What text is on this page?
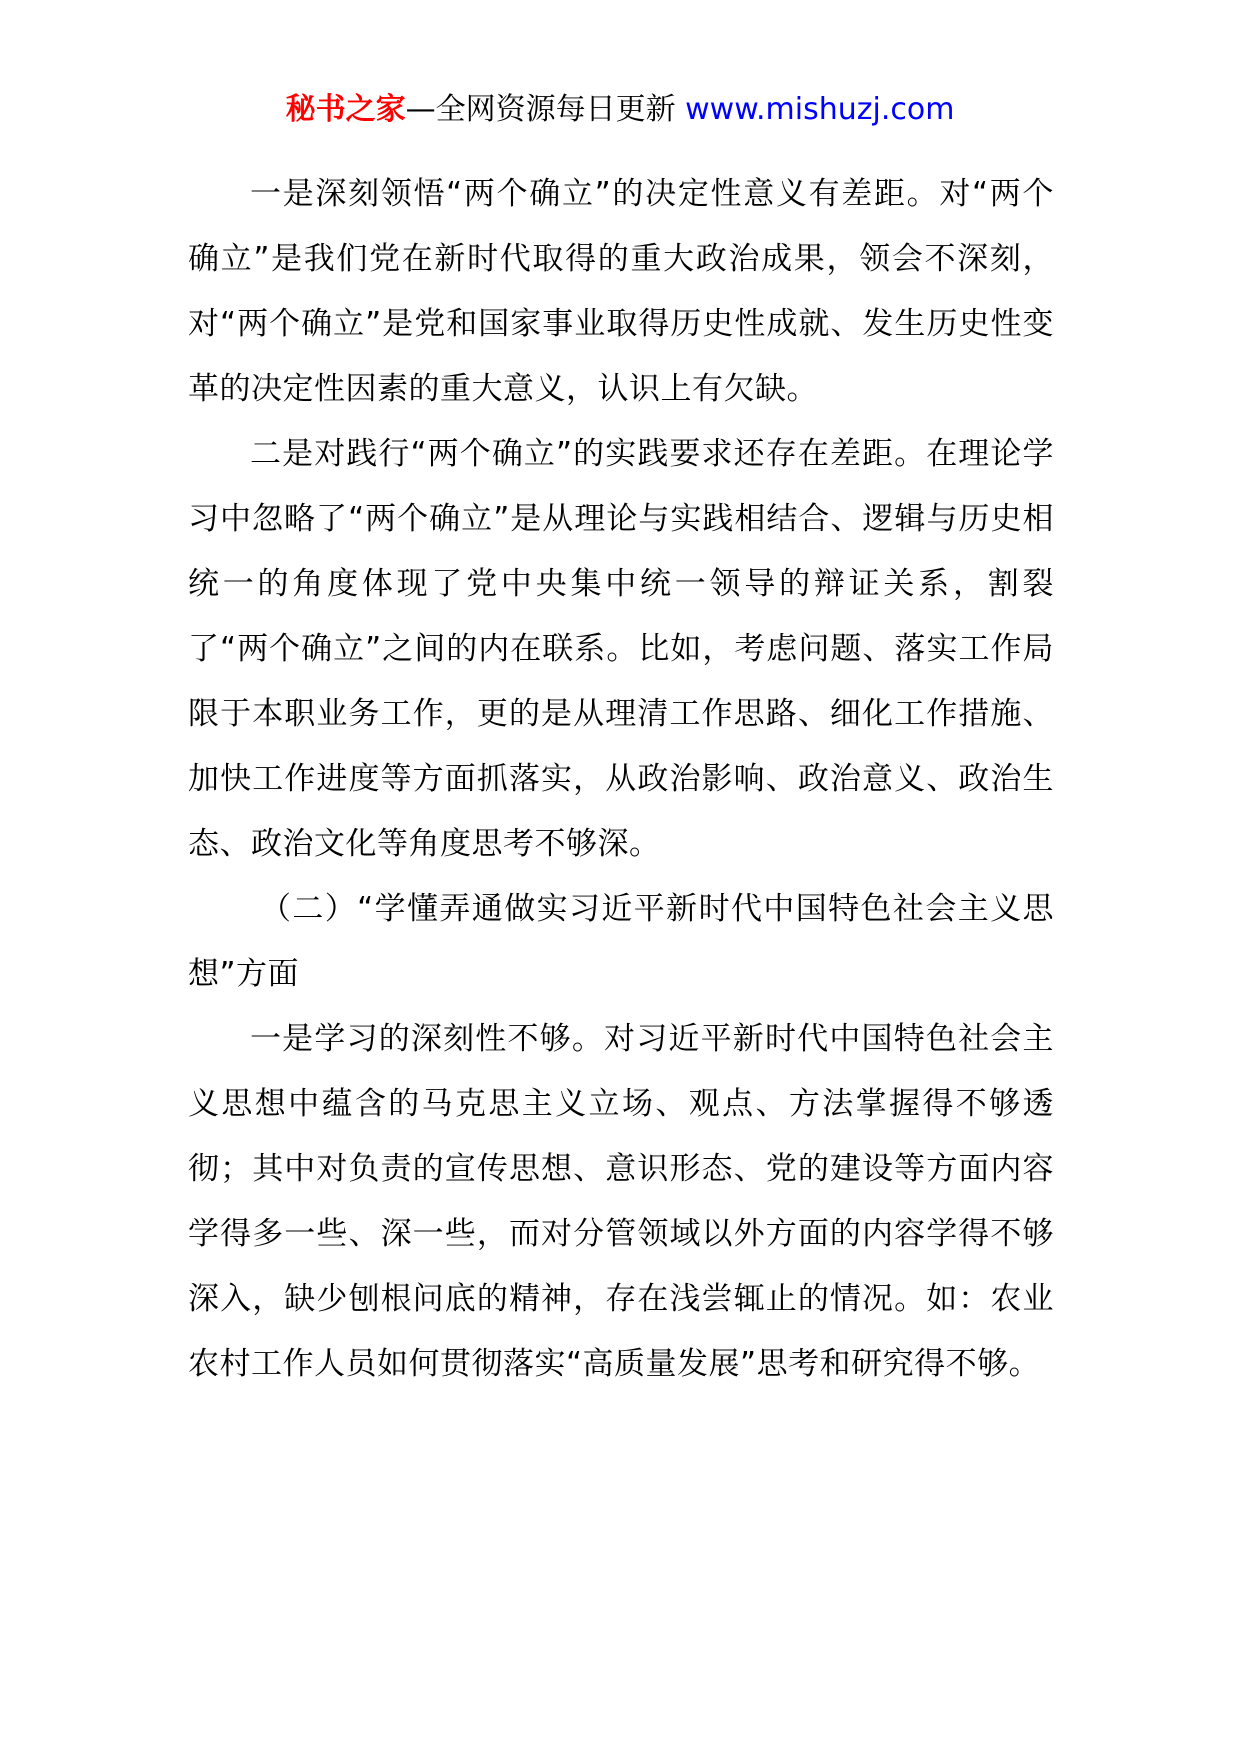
秘书之家—全网资源每日更新 www.mishuzj.com

一是深刻领悟“两个确立”的决定性意义有差距。对“两个确立”是我们党在新时代取得的重大政治成果，领会不深刻，对“两个确立”是党和国家事业取得历史性成就、发生历史性变革的决定性因素的重大意义，认识上有欠缺。

二是对践行“两个确立”的实践要求还存在差距。在理论学习中忽略了“两个确立”是从理论与实践相结合、逻辑与历史相统一的角度体现了党中央集中统一领导的辩证关系，割裂了“两个确立”之间的内在联系。比如，考虑问题、落实工作局限于本职业务工作，更的是从理清工作思路、细化工作措施、加快工作进度等方面抓落实，从政治影响、政治意义、政治生态、政治文化等角度思考不够深。

（二）“学懂弄通做实习近平新时代中国特色社会主义思想”方面

一是学习的深刻性不够。对习近平新时代中国特色社会主义思想中蕴含的马克思主义立场、观点、方法掌握得不够透彻；其中对负责的宣传思想、意识形态、党的建设等方面内容学得多一些、深一些，而对分管领域以外方面的内容学得不够深入，缺少刨根问底的精神，存在浅尝辄止的情况。如：农业农村工作人员如何贯彻落实“高质量发展”思考和研究得不够。
